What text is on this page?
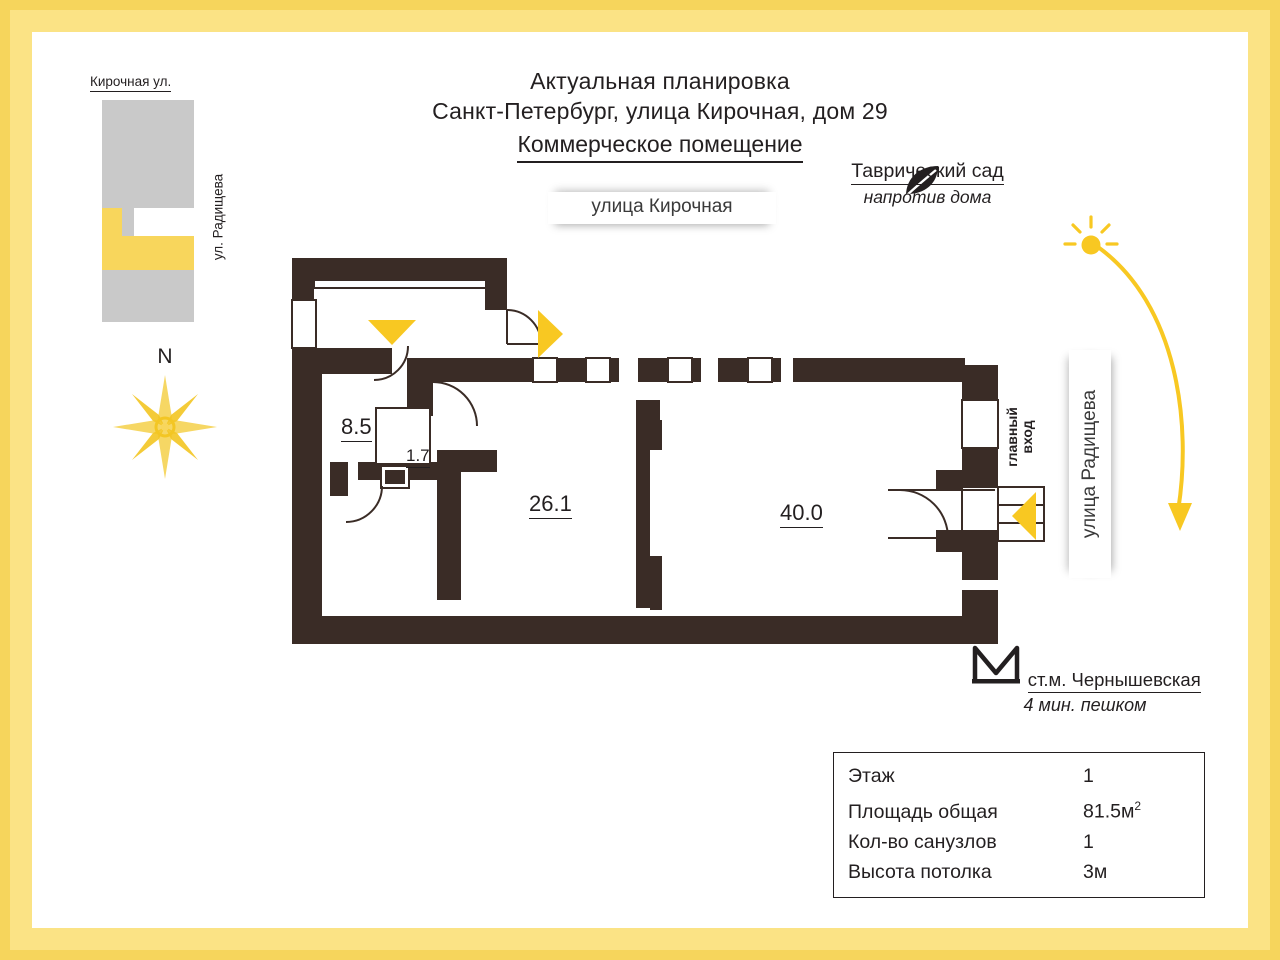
Актуальная планировка
Санкт-Петербург, улица Кирочная, дом 29
Коммерческое помещение
улица Кирочная
улица Радищева
Кирочная ул.
ул. Радищева
N
Таврический сад
напротив дома
ст.м. Чернышевская
4 мин. пешком
8.5
1.7
26.1	40.0
главный
вход
Этаж	1
Площадь общая	$81.5м^2$
Кол-во санузлов	1
Высота потолка	3м
